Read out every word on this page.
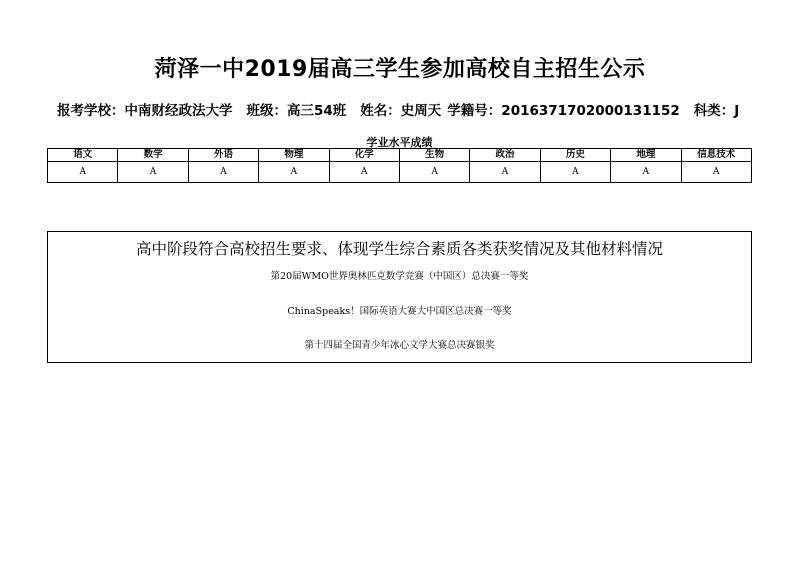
菏泽一中2019届高三学生参加高校自主招生公示
报考学校：中南财经政法大学 班级：高三54班 姓名：史周天 学籍号：2016371702000131152 科类：J
学业水平成绩
语文	数学	外语	物理	化学	生物	政治	历史	地理	信息技术
A	A	A	A	A	A	A	A	A	A
高中阶段符合高校招生要求、体现学生综合素质各类获奖情况及其他材料情况
第20届WMO世界奥林匹克数学竞赛（中国区）总决赛一等奖
ChinaSpeaks！国际英语大赛大中国区总决赛一等奖
第十四届全国青少年冰心文学大赛总决赛银奖
